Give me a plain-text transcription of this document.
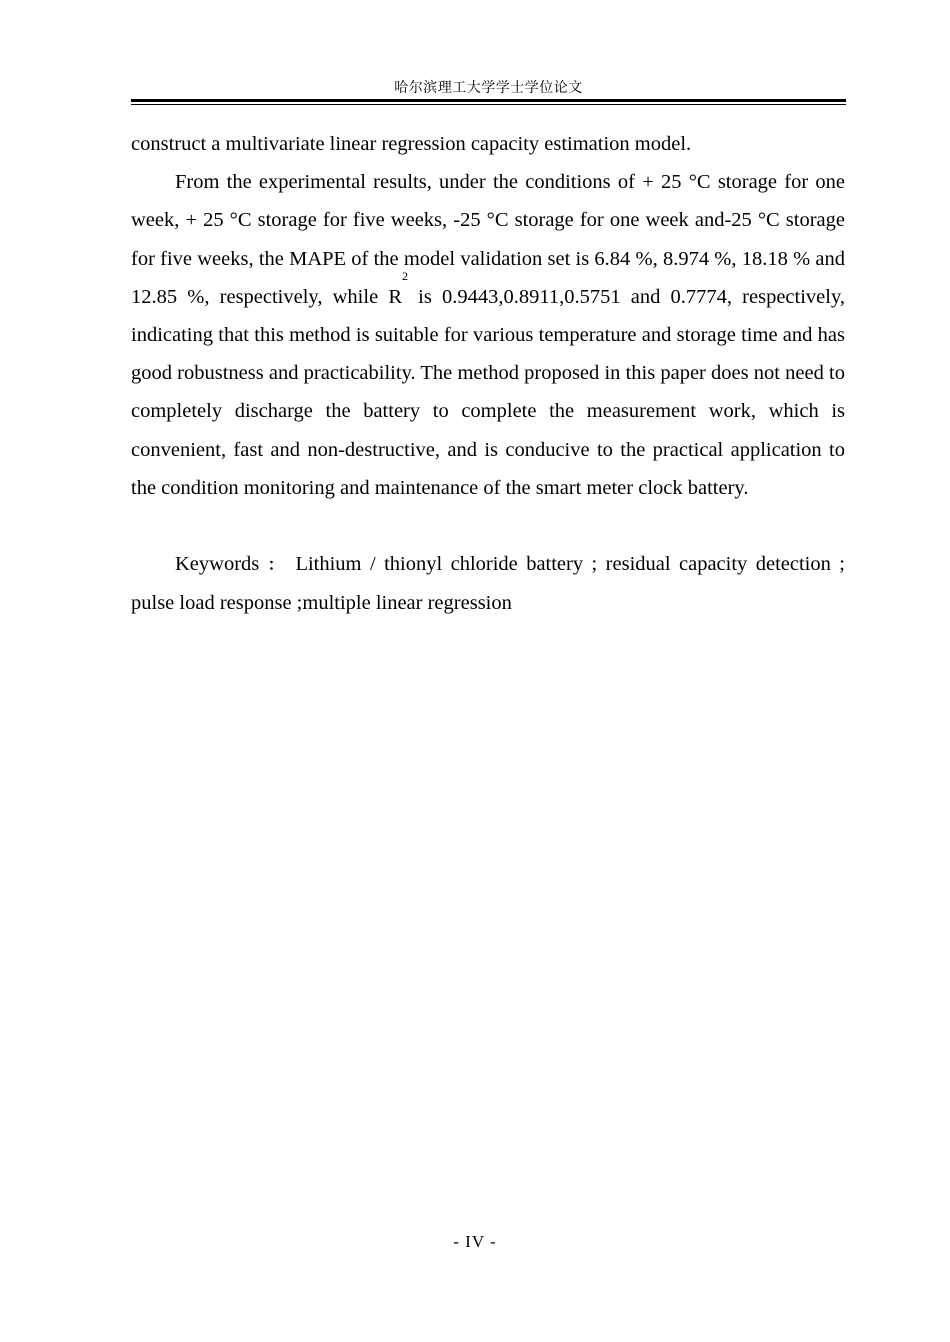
哈尔滨理工大学学士学位论文

construct a multivariate linear regression capacity estimation model.

From the experimental results, under the conditions of + 25 °C storage for one week, + 25 °C storage for five weeks, -25 °C storage for one week and-25 °C storage for five weeks, the MAPE of the model validation set is 6.84 %, 8.974 %, 18.18 % and 12.85 %, respectively, while $R^2$ is 0.9443,0.8911,0.5751 and 0.7774, respectively, indicating that this method is suitable for various temperature and storage time and has good robustness and practicability. The method proposed in this paper does not need to completely discharge the battery to complete the measurement work, which is convenient, fast and non-destructive, and is conducive to the practical application to the condition monitoring and maintenance of the smart meter clock battery.

Keywords ： Lithium / thionyl chloride battery ; residual capacity detection ; pulse load response ;multiple linear regression

- IV -
